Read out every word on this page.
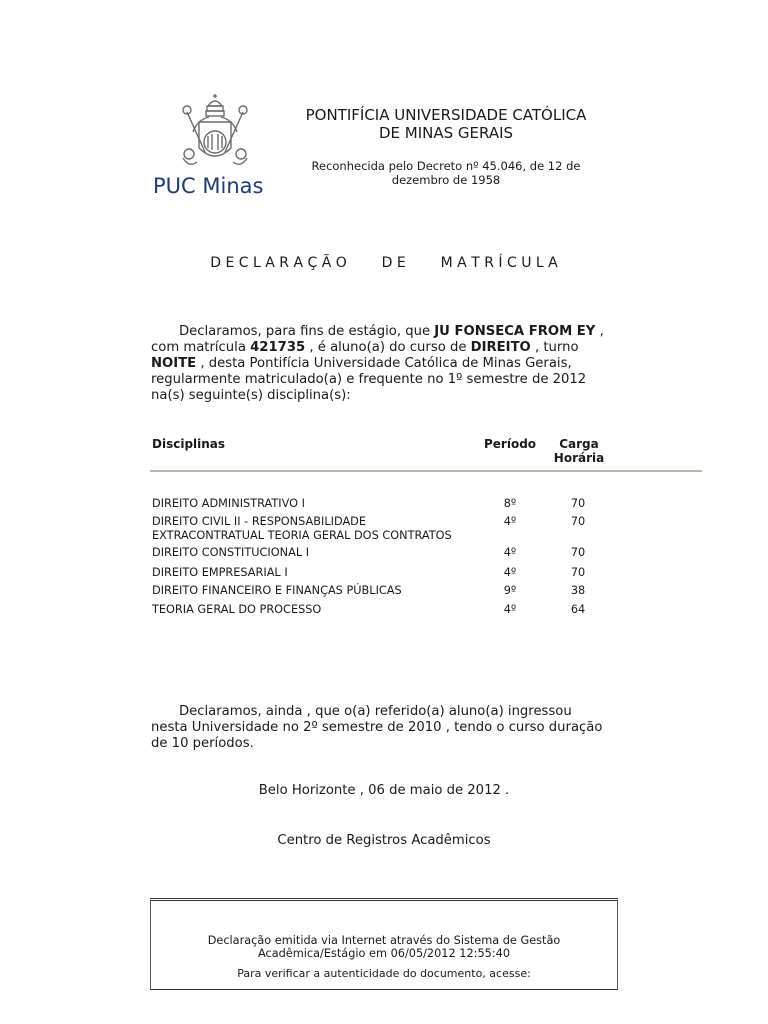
PUC Minas
PONTIFÍCIA UNIVERSIDADE CATÓLICA
DE MINAS GERAIS
Reconhecida pelo Decreto nº 45.046, de 12 de
dezembro de 1958
D E C L A R A Ç Ã O D E M A T R Í C U L A
Declaramos, para fins de estágio, que JU FONSECA FROM EY ,
com matrícula 421735 , é aluno(a) do curso de DIREITO , turno
NOITE , desta Pontifícia Universidade Católica de Minas Gerais,
regularmente matriculado(a) e frequente no 1º semestre de 2012
na(s) seguinte(s) disciplina(s):
Disciplinas	Período	Carga
Horária
DIREITO ADMINISTRATIVO I	8º	70
DIREITO CIVIL II - RESPONSABILIDADE
EXTRACONTRATUAL TEORIA GERAL DOS CONTRATOS
4º	70
DIREITO CONSTITUCIONAL I	4º	70
DIREITO EMPRESARIAL I	4º	70
DIREITO FINANCEIRO E FINANÇAS PÚBLICAS	9º	38
TEORIA GERAL DO PROCESSO	4º	64
Declaramos, ainda , que o(a) referido(a) aluno(a) ingressou
nesta Universidade no 2º semestre de 2010 , tendo o curso duração
de 10 períodos.
Belo Horizonte , 06 de maio de 2012 .
Centro de Registros Acadêmicos
Declaração emitida via Internet através do Sistema de Gestão
Acadêmica/Estágio em 06/05/2012 12:55:40
Para verificar a autenticidade do documento, acesse:
